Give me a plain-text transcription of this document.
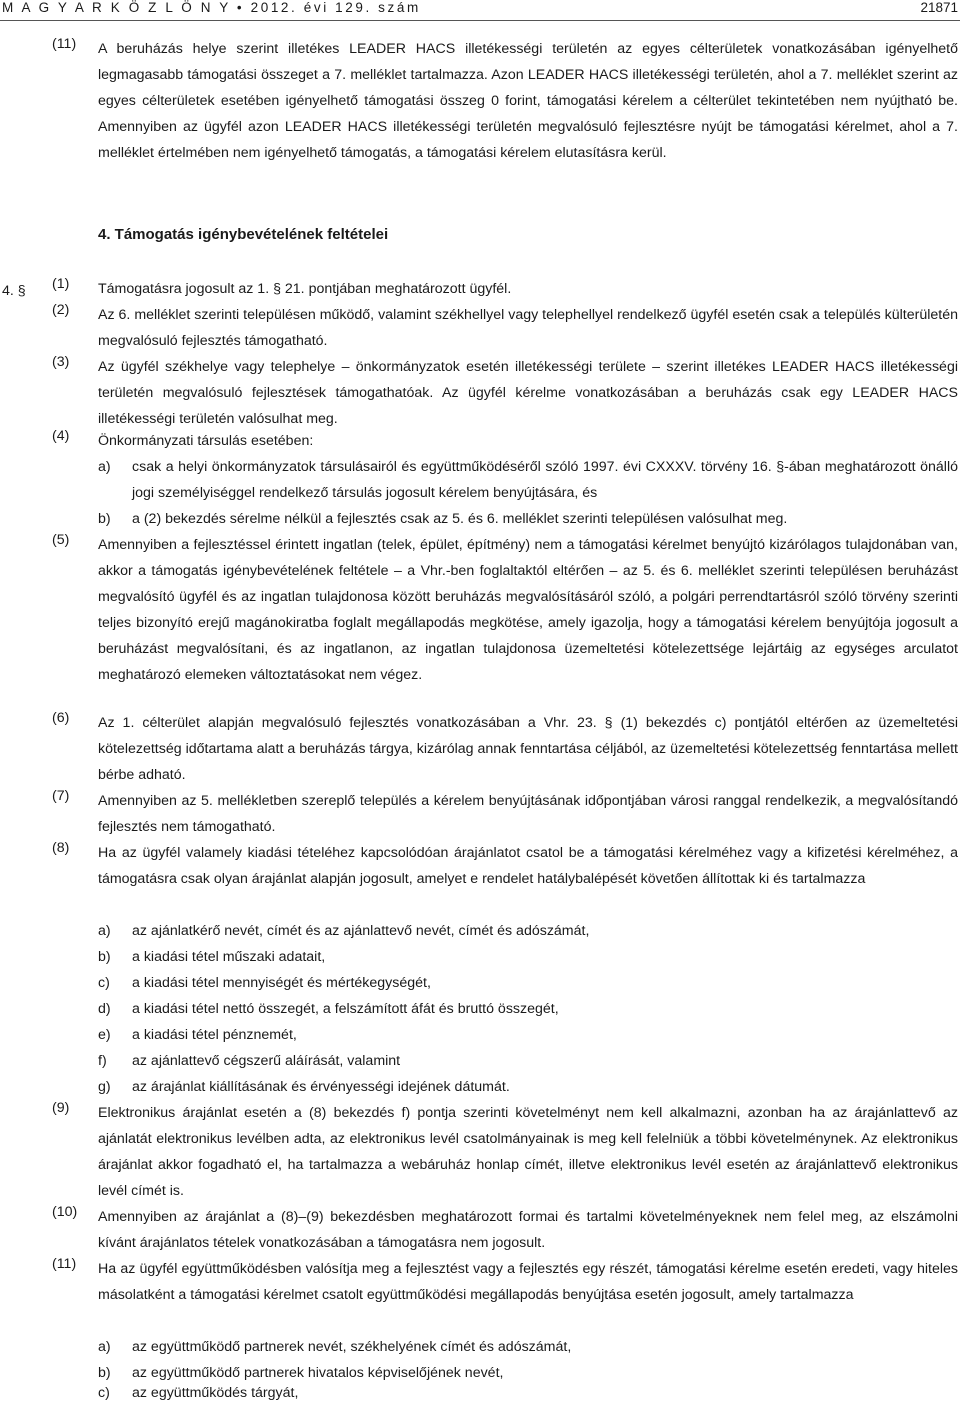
M A G Y A R K Ö Z L Ö N Y • 2012. évi 129. szám	21871
(11) A beruházás helye szerint illetékes LEADER HACS illetékességi területén az egyes célterületek vonatkozásában igényelhető legmagasabb támogatási összeget a 7. melléklet tartalmazza. Azon LEADER HACS illetékességi területén, ahol a 7. melléklet szerint az egyes célterületek esetében igényelhető támogatási összeg 0 forint, támogatási kérelem a célterület tekintetében nem nyújtható be. Amennyiben az ügyfél azon LEADER HACS illetékességi területén megvalósuló fejlesztésre nyújt be támogatási kérelmet, ahol a 7. melléklet értelmében nem igényelhető támogatás, a támogatási kérelem elutasításra kerül.
4. Támogatás igénybevételének feltételei
4. § (1) Támogatásra jogosult az 1. § 21. pontjában meghatározott ügyfél.
(2) Az 6. melléklet szerinti településen működő, valamint székhellyel vagy telephellyel rendelkező ügyfél esetén csak a település külterületén megvalósuló fejlesztés támogatható.
(3) Az ügyfél székhelye vagy telephelye – önkormányzatok esetén illetékességi területe – szerint illetékes LEADER HACS illetékességi területén megvalósuló fejlesztések támogathatóak. Az ügyfél kérelme vonatkozásában a beruházás csak egy LEADER HACS illetékességi területén valósulhat meg.
(4) Önkormányzati társulás esetében:
a) csak a helyi önkormányzatok társulásairól és együttműködéséről szóló 1997. évi CXXXV. törvény 16. §-ában meghatározott önálló jogi személyiséggel rendelkező társulás jogosult kérelem benyújtására, és
b) a (2) bekezdés sérelme nélkül a fejlesztés csak az 5. és 6. melléklet szerinti településen valósulhat meg.
(5) Amennyiben a fejlesztéssel érintett ingatlan (telek, épület, építmény) nem a támogatási kérelmet benyújtó kizárólagos tulajdonában van, akkor a támogatás igénybevételének feltétele – a Vhr.-ben foglaltaktól eltérően – az 5. és 6. melléklet szerinti településen beruházást megvalósító ügyfél és az ingatlan tulajdonosa között beruházás megvalósításáról szóló, a polgári perrendtartásról szóló törvény szerinti teljes bizonyító erejű magánokiratba foglalt megállapodás megkötése, amely igazolja, hogy a támogatási kérelem benyújtója jogosult a beruházást megvalósítani, és az ingatlanon, az ingatlan tulajdonosa üzemeltetési kötelezettsége lejártáig az egységes arculatot meghatározó elemeken változtatásokat nem végez.
(6) Az 1. célterület alapján megvalósuló fejlesztés vonatkozásában a Vhr. 23. § (1) bekezdés c) pontjától eltérően az üzemeltetési kötelezettség időtartama alatt a beruházás tárgya, kizárólag annak fenntartása céljából, az üzemeltetési kötelezettség fenntartása mellett bérbe adható.
(7) Amennyiben az 5. mellékletben szereplő település a kérelem benyújtásának időpontjában városi ranggal rendelkezik, a megvalósítandó fejlesztés nem támogatható.
(8) Ha az ügyfél valamely kiadási tételéhez kapcsolódóan árajánlatot csatol be a támogatási kérelméhez vagy a kifizetési kérelméhez, a támogatásra csak olyan árajánlat alapján jogosult, amelyet e rendelet hatálybalépését követően állítottak ki és tartalmazza
a) az ajánlatkérő nevét, címét és az ajánlattevő nevét, címét és adószámát,
b) a kiadási tétel műszaki adatait,
c) a kiadási tétel mennyiségét és mértékegységét,
d) a kiadási tétel nettó összegét, a felszámított áfát és bruttó összegét,
e) a kiadási tétel pénznemét,
f) az ajánlattevő cégszerű aláírását, valamint
g) az árajánlat kiállításának és érvényességi idejének dátumát.
(9) Elektronikus árajánlat esetén a (8) bekezdés f) pontja szerinti követelményt nem kell alkalmazni, azonban ha az árajánlattevő az ajánlatát elektronikus levélben adta, az elektronikus levél csatolmányainak is meg kell felelniük a többi követelménynek. Az elektronikus árajánlat akkor fogadható el, ha tartalmazza a webáruház honlap címét, illetve elektronikus levél esetén az árajánlattevő elektronikus levél címét is.
(10) Amennyiben az árajánlat a (8)–(9) bekezdésben meghatározott formai és tartalmi követelményeknek nem felel meg, az elszámolni kívánt árajánlatos tételek vonatkozásában a támogatásra nem jogosult.
(11) Ha az ügyfél együttműködésben valósítja meg a fejlesztést vagy a fejlesztés egy részét, támogatási kérelme esetén eredeti, vagy hiteles másolatként a támogatási kérelmet csatolt együttműködési megállapodás benyújtása esetén jogosult, amely tartalmazza
a) az együttműködő partnerek nevét, székhelyének címét és adószámát,
b) az együttműködő partnerek hivatalos képviselőjének nevét,
c) az együttműködés tárgyát,
